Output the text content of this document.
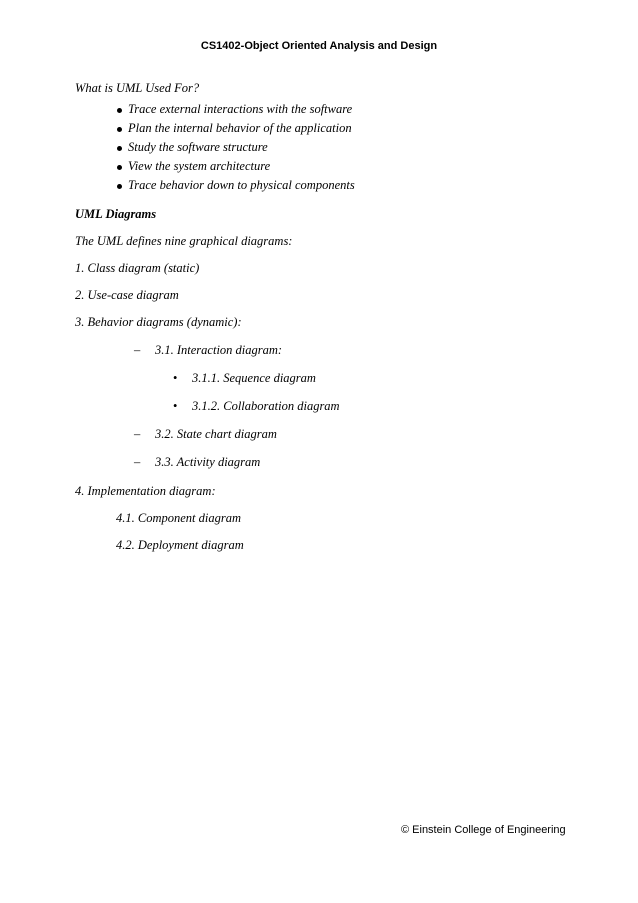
CS1402-Object Oriented Analysis and Design
What is UML Used For?
Trace external interactions with the software
Plan the internal behavior of the application
Study the software structure
View the system architecture
Trace behavior down to physical components
UML Diagrams
The UML defines nine graphical diagrams:
1. Class diagram (static)
2. Use-case diagram
3. Behavior diagrams (dynamic):
– 3.1. Interaction diagram:
• 3.1.1. Sequence diagram
• 3.1.2. Collaboration diagram
– 3.2. State chart diagram
– 3.3. Activity diagram
4. Implementation diagram:
4.1. Component diagram
4.2. Deployment diagram
© Einstein College of Engineering
